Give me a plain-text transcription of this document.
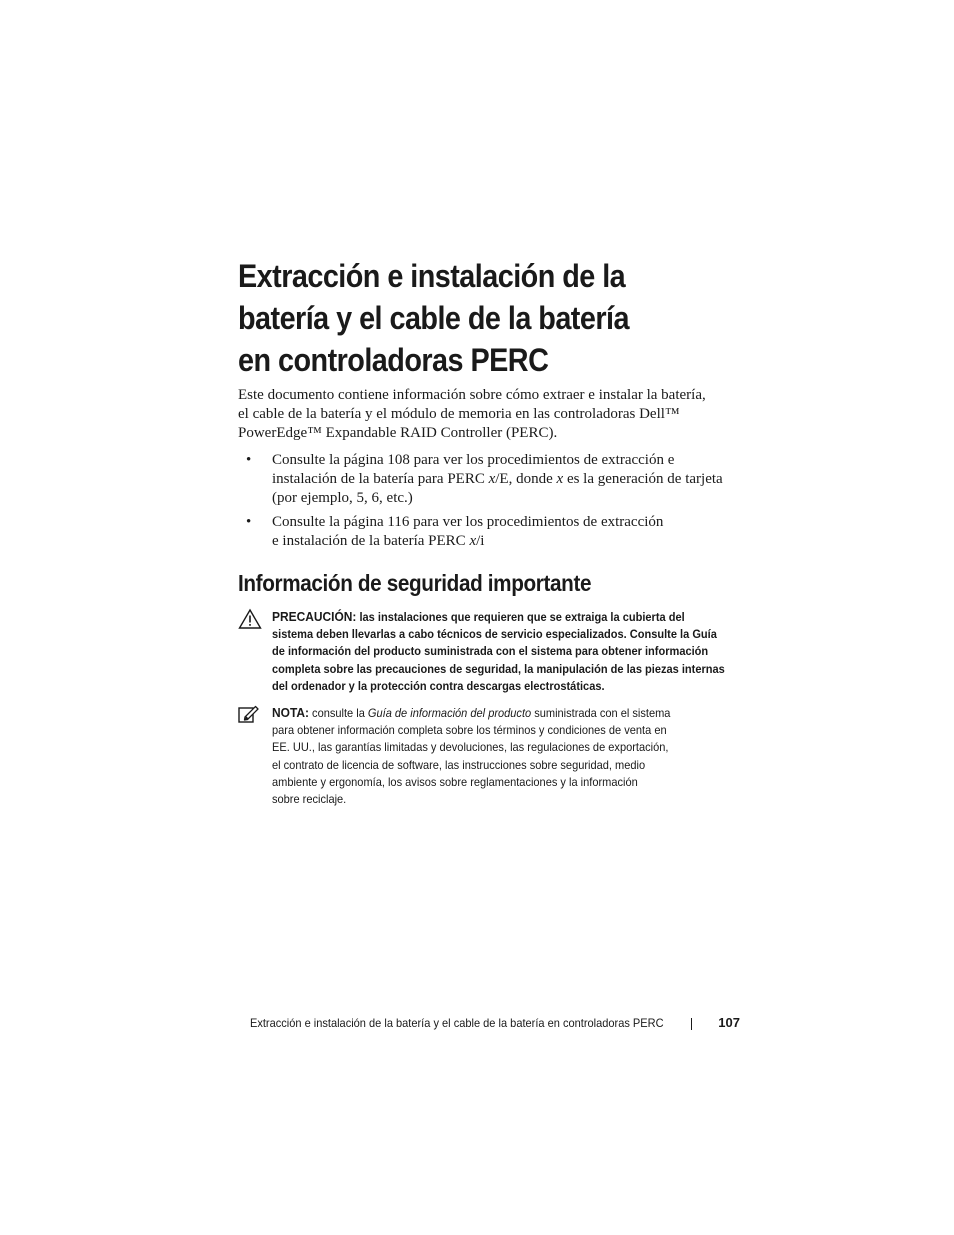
Extracción e instalación de la
batería y el cable de la batería
en controladoras PERC

Este documento contiene información sobre cómo extraer e instalar la batería,
el cable de la batería y el módulo de memoria en las controladoras Dell™
PowerEdge™ Expandable RAID Controller (PERC).

• Consulte la página 108 para ver los procedimientos de extracción e
instalación de la batería para PERC x/E, donde x es la generación de tarjeta
(por ejemplo, 5, 6, etc.)
• Consulte la página 116 para ver los procedimientos de extracción
e instalación de la batería PERC x/i
Información de seguridad importante
PRECAUCIÓN: las instalaciones que requieren que se extraiga la cubierta del
sistema deben llevarlas a cabo técnicos de servicio especializados. Consulte la Guía
de información del producto suministrada con el sistema para obtener información
completa sobre las precauciones de seguridad, la manipulación de las piezas internas
del ordenador y la protección contra descargas electrostáticas.
NOTA: consulte la Guía de información del producto suministrada con el sistema
para obtener información completa sobre los términos y condiciones de venta en
EE. UU., las garantías limitadas y devoluciones, las regulaciones de exportación,
el contrato de licencia de software, las instrucciones sobre seguridad, medio
ambiente y ergonomía, los avisos sobre reglamentaciones y la información
sobre reciclaje.
Extracción e instalación de la batería y el cable de la batería en controladoras PERC	107
